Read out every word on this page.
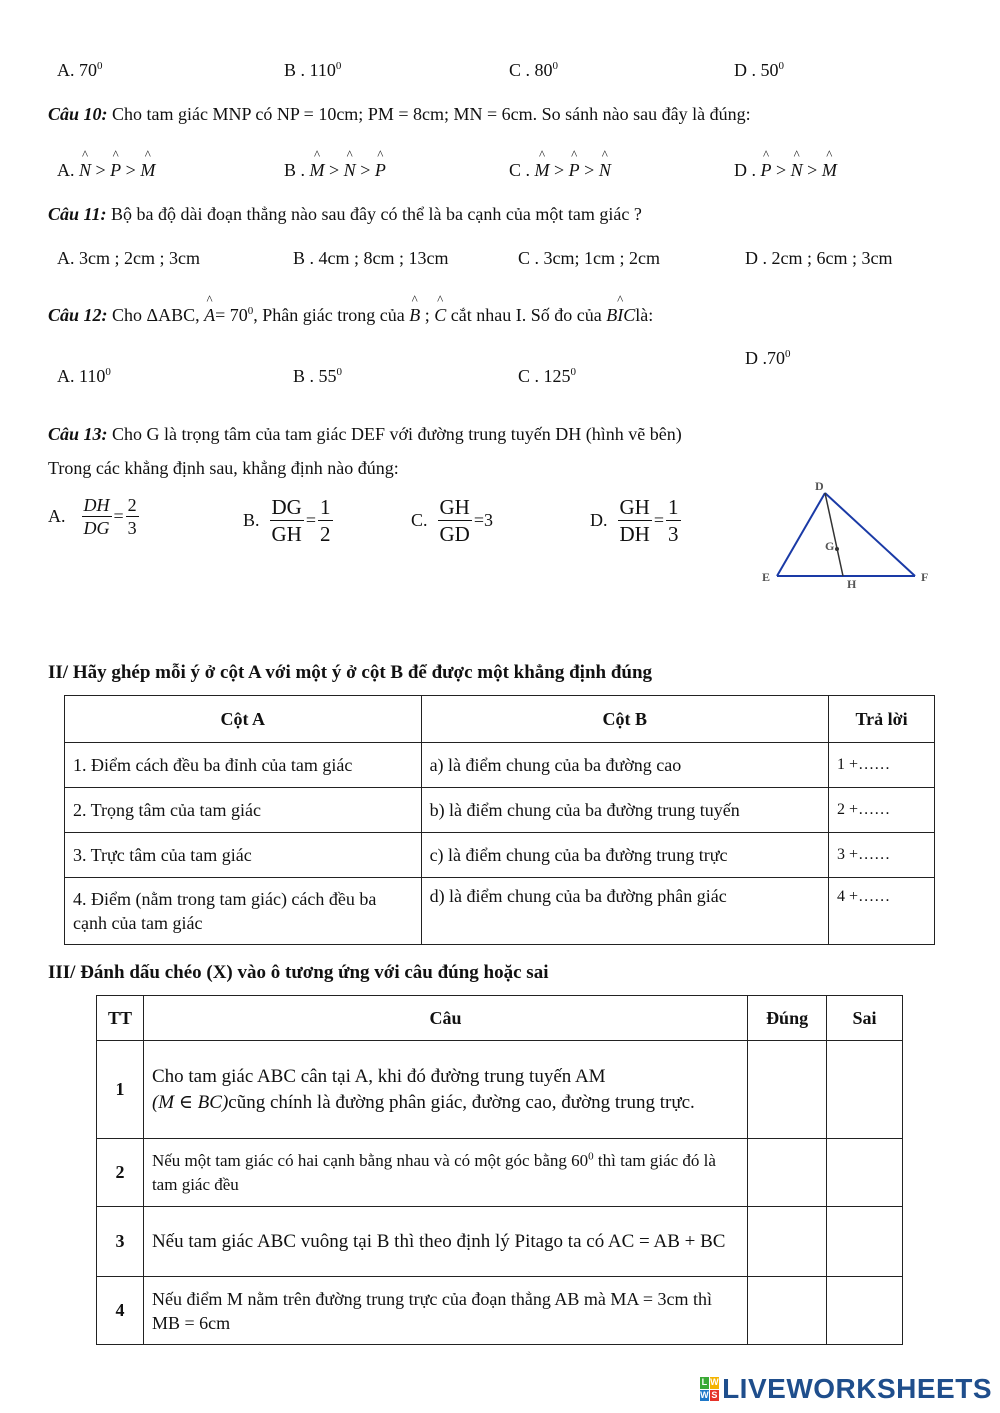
A. $70^0$	B . $110^0$	C . $80^0$	D . $50^0$
Câu 10: Cho tam giác MNP có NP = 10cm; PM = 8cm; MN = 6cm. So sánh nào sau đây là đúng:
A. ^ N > ^ P > ^ M	B . ^ M > ^ N > ^ P	C . ^ M > ^ P > ^ N	D . ^ P > ^ N > ^ M
Câu 11: Bộ ba độ dài đoạn thẳng nào sau đây có thể là ba cạnh của một tam giác ?
A. 3cm ; 2cm ; 3cm	B . 4cm ; 8cm ; 13cm	C . 3cm; 1cm ; 2cm	D . 2cm ; 6cm ; 3cm
Câu 12: Cho ΔABC, ^ $A= 70^0$, Phân giác trong của ^ B ; ^ C cắt nhau I. Số đo của B^ IClà:
A. $110^0$	B . $55^0$	C . $125^0$
D $.70^0$
Câu 13: Cho G là trọng tâm của tam giác DEF với đường trung tuyến DH (hình vẽ bên)
Trong các khẳng định sau, khẳng định nào đúng:
A. $\frac{DH}{DG} = \frac{2}{3}$	B. $\frac{DG}{GH} = \frac{1}{2}$	C. $\frac{GH}{GD} =3$	D. $\frac{GH}{DH} = \frac{1}{3}$
D
E	F
G
H
II/ Hãy ghép mỗi ý ở cột A với một ý ở cột B để được một khẳng định đúng
Cột A	Cột B	Trả lời
1. Điểm cách đều ba đỉnh của tam giác	a) là điểm chung của ba đường cao	1 +……
2. Trọng tâm của tam giác	b) là điểm chung của ba đường trung tuyến	2 +……
3. Trực tâm của tam giác	c) là điểm chung của ba đường trung trực	3 +……
4. Điểm (nằm trong tam giác) cách đều ba cạnh của tam giác	d) là điểm chung của ba đường phân giác	4 +……
III/ Đánh dấu chéo (X) vào ô tương ứng với câu đúng hoặc sai
TT	Câu	Đúng	Sai
1	Cho tam giác ABC cân tại A, khi đó đường trung tuyến AM
(M ∈ BC)cũng chính là đường phân giác, đường cao, đường trung trực.		

2	Nếu một tam giác có hai cạnh bằng nhau và có một góc bằng $60^0$ thì tam giác đó là tam giác đều		
3	Nếu tam giác ABC vuông tại B thì theo định lý Pitago ta có AC = AB + BC		
4	Nếu điểm M nằm trên đường trung trực của đoạn thẳng AB mà MA = 3cm thì MB = 6cm		
L W
W S LIVEWORKSHEETS
